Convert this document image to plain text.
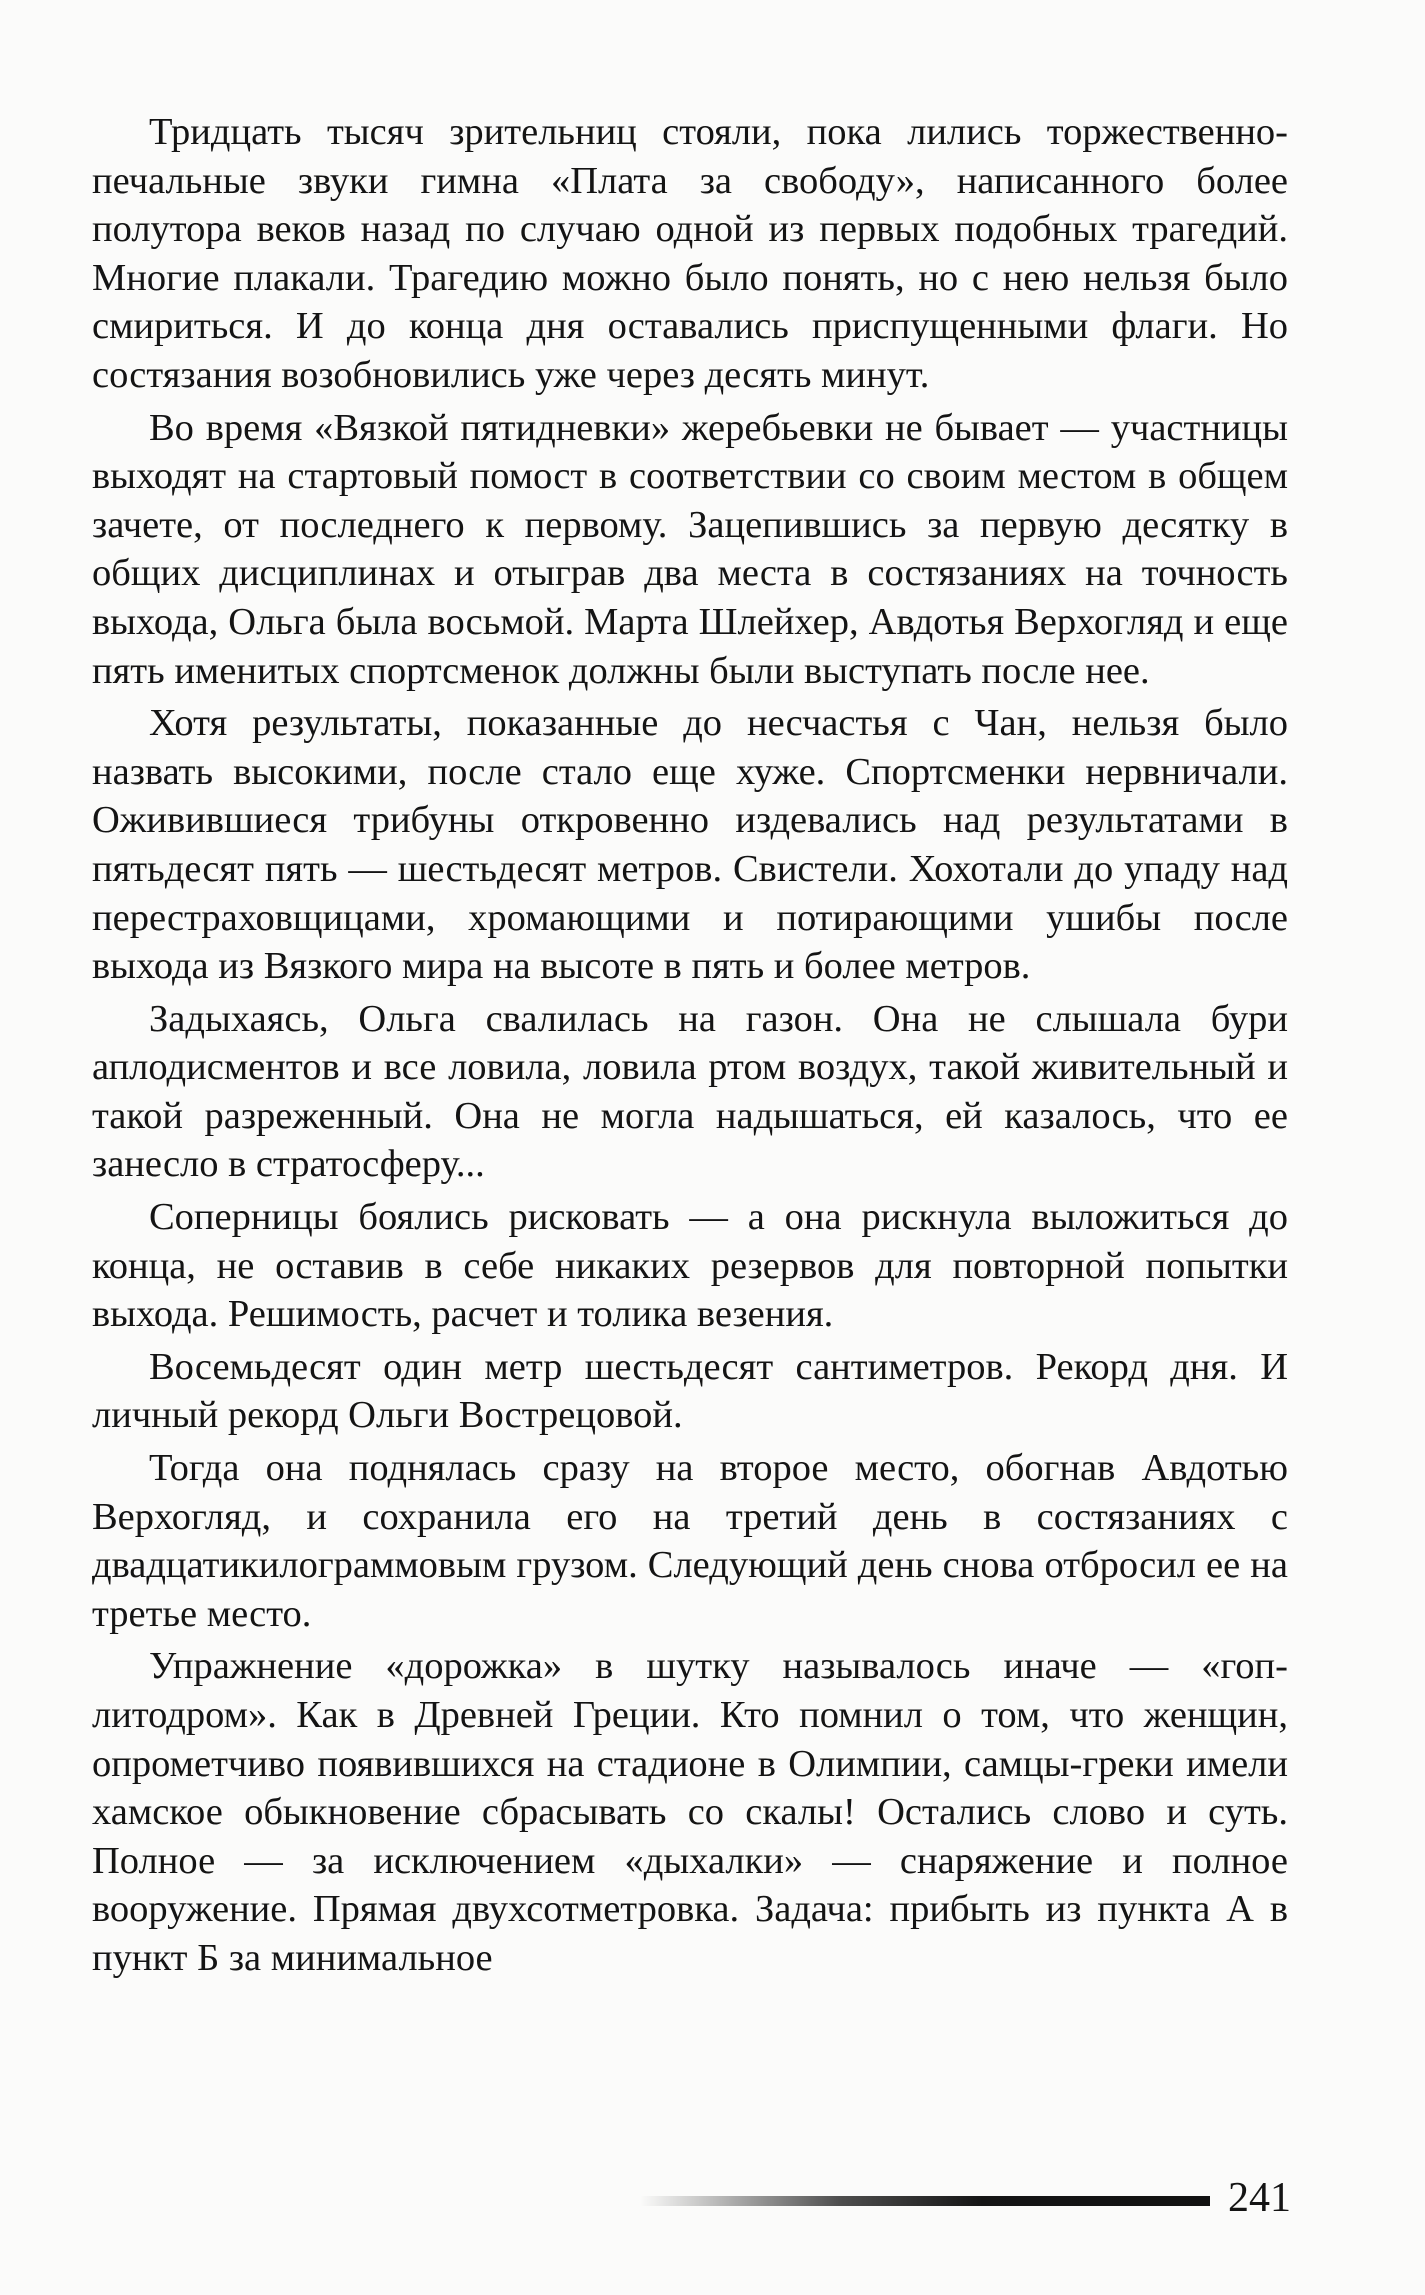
Тридцать тысяч зрительниц стояли, пока лились торжественно-печальные звуки гимна «Плата за свободу», написанного более полутора веков назад по случаю одной из первых подобных трагедий. Многие плакали. Трагедию можно было понять, но с нею нельзя было смириться. И до конца дня оставались приспущенными флаги. Но состязания возобновились уже через десять минут.

Во время «Вязкой пятидневки» жеребьевки не бывает — участницы выходят на стартовый помост в соответствии со своим местом в общем зачете, от последнего к первому. Зацепившись за первую десятку в общих дисциплинах и отыграв два места в состязаниях на точность выхода, Ольга была восьмой. Марта Шлейхер, Авдотья Верхогляд и еще пять именитых спортсменок должны были выступать после нее.

Хотя результаты, показанные до несчастья с Чан, нельзя было назвать высокими, после стало еще хуже. Спортсменки нервничали. Оживившиеся трибуны откровенно издевались над результатами в пятьдесят пять — шестьдесят метров. Свистели. Хохотали до упаду над перестраховщицами, хромающими и потирающими ушибы после выхода из Вязкого мира на высоте в пять и более метров.

Задыхаясь, Ольга свалилась на газон. Она не слышала бури аплодисментов и все ловила, ловила ртом воздух, такой живительный и такой разреженный. Она не могла надышаться, ей казалось, что ее занесло в стратосферу...

Соперницы боялись рисковать — а она рискнула выложиться до конца, не оставив в себе никаких резервов для повторной попытки выхода. Решимость, расчет и толика везения.

Восемьдесят один метр шестьдесят сантиметров. Рекорд дня. И личный рекорд Ольги Вострецовой.

Тогда она поднялась сразу на второе место, обогнав Авдотью Верхогляд, и сохранила его на третий день в состязаниях с двадцатикилограммовым грузом. Следующий день снова отбросил ее на третье место.

Упражнение «дорожка» в шутку называлось иначе — «гоплитодром». Как в Древней Греции. Кто помнил о том, что женщин, опрометчиво появившихся на стадионе в Олимпии, самцы-греки имели хамское обыкновение сбрасывать со скалы! Остались слово и суть. Полное — за исключением «дыхалки» — снаряжение и полное вооружение. Прямая двухсотметровка. Задача: прибыть из пункта А в пункт Б за минимальное

241
